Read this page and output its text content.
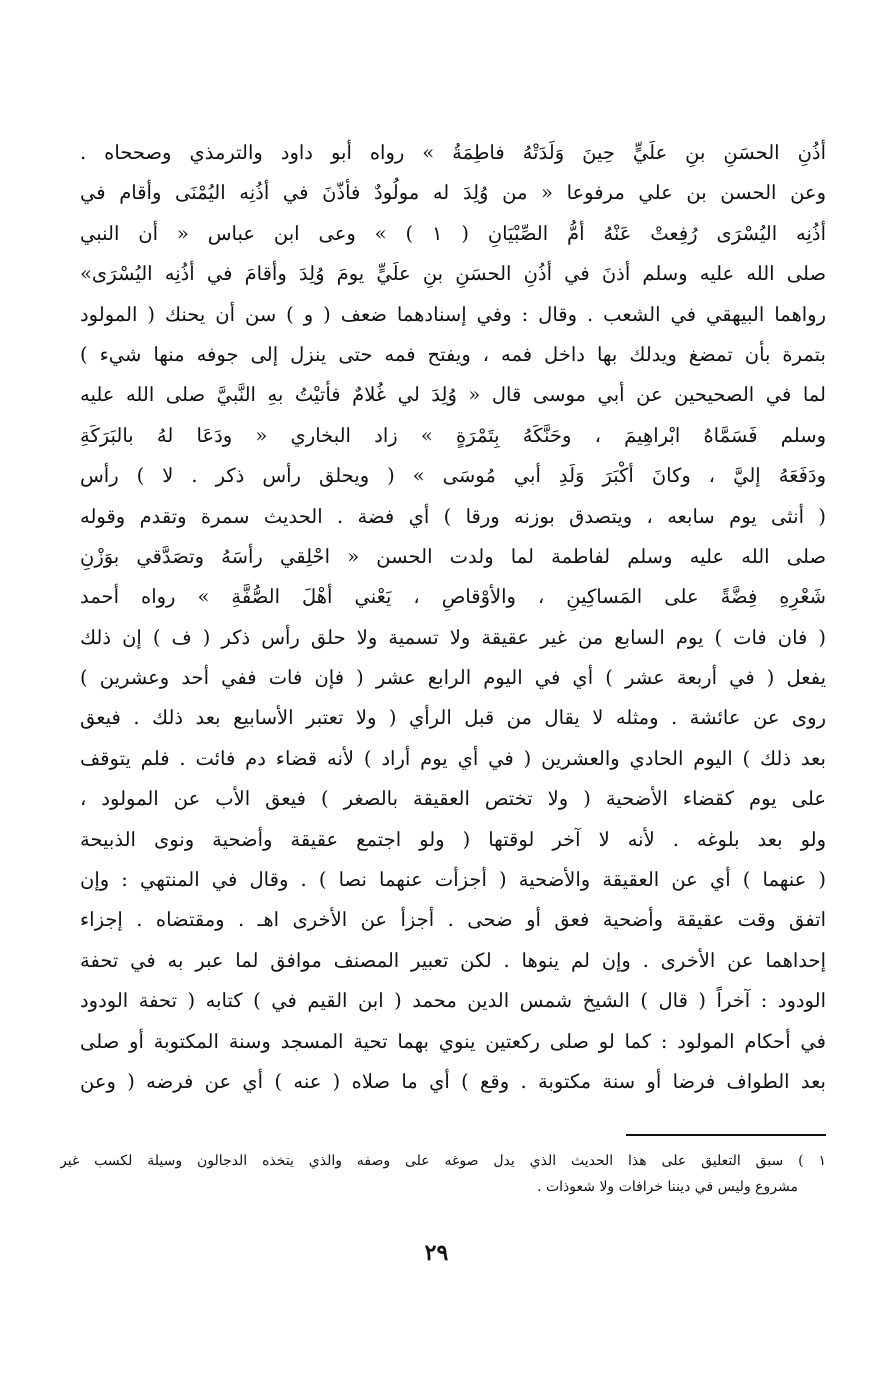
أذُنِ الحسَنِ بنِ علَيٍّ حِينَ وَلَدَتْهُ فاطِمَةُ » رواه أبو داود والترمذي وصححاه .
وعن الحسن بن علي مرفوعا « من وُلِدَ له مولُودٌ فأذّنَ في أذُنِه اليُمْنَى وأقام في
أذُنِه اليُسْرَى رُفِعتْ عَنْهُ أمُّ الصِّبْيَانِ ( ١ ) » وعى ابن عباس « أن النبي
صلى الله عليه وسلم أذنَ في أذُنِ الحسَنِ بنِ علَيٍّ يومَ وُلِدَ وأقامَ في أذُنِه اليُسْرَى»
رواهما البيهقي في الشعب . وقال : وفي إسنادهما ضعف ( و ) سن أن يحنك ( المولود
بتمرة بأن تمضغ ويدلك بها داخل فمه ، ويفتح فمه حتى ينزل إلى جوفه منها شيء )
لما في الصحيحين عن أبي موسى قال « وُلِدَ لي غُلامٌ فأتيْتُ بهِ النَّبيَّ صلى الله عليه
وسلم فَسَمَّاهُ ابْراهِيمَ ، وحَنَّكَهُ بِتَمْرَةٍ » زاد البخاري « ودَعَا لهُ بالبَرَكَةِ
ودَفَعَهُ إليَّ ، وكانَ أكْبَرَ وَلَدِ أبي مُوسَى » ( ويحلق رأس ذكر . لا ) رأس
( أنثى يوم سابعه ، ويتصدق بوزنه ورقا ) أي فضة . الحديث سمرة وتقدم وقوله
صلى الله عليه وسلم لفاطمة لما ولدت الحسن « احْلِقي رأسَهُ وتصَدَّقي بوَزْنِ
شَعْرِهِ فِضَّةً على المَساكِينِ ، والأوْقاصِ ، يَعْني أهْلَ الصُّفَّةِ » رواه أحمد
( فان فات ) يوم السابع من غير عقيقة ولا تسمية ولا حلق رأس ذكر ( ف ) إن ذلك
يفعل ( في أربعة عشر ) أي في اليوم الرابع عشر ( فإن فات ففي أحد وعشرين )
روى عن عائشة . ومثله لا يقال من قبل الرأي ( ولا تعتبر الأسابيع بعد ذلك . فيعق
بعد ذلك ) اليوم الحادي والعشرين ( في أي يوم أراد ) لأنه قضاء دم فائت . فلم يتوقف
على يوم كقضاء الأضحية ( ولا تختص العقيقة بالصغر ) فيعق الأب عن المولود ،
ولو بعد بلوغه . لأنه لا آخر لوقتها ( ولو اجتمع عقيقة وأضحية ونوى الذبيحة
( عنهما ) أي عن العقيقة والأضحية ( أجزأت عنهما نصا ) . وقال في المنتهي : وإن
اتفق وقت عقيقة وأضحية فعق أو ضحى . أجزأ عن الأخرى اهـ . ومقتضاه . إجزاء
إحداهما عن الأخرى . وإن لم ينوها . لكن تعبير المصنف موافق لما عبر به في تحفة
الودود : آخراً ( قال ) الشيخ شمس الدين محمد ( ابن القيم في ) كتابه ( تحفة الودود
في أحكام المولود : كما لو صلى ركعتين ينوي بهما تحية المسجد وسنة المكتوبة أو صلى
بعد الطواف فرضا أو سنة مكتوبة . وقع ) أي ما صلاه ( عنه ) أي عن فرضه ( وعن
١ ) سبق التعليق على هذا الحديث الذي يدل صوغه على وصفه والذي يتخذه الدجالون وسيلة لكسب غير
مشروع وليس في ديننا خرافات ولا شعوذات .
٢٩
